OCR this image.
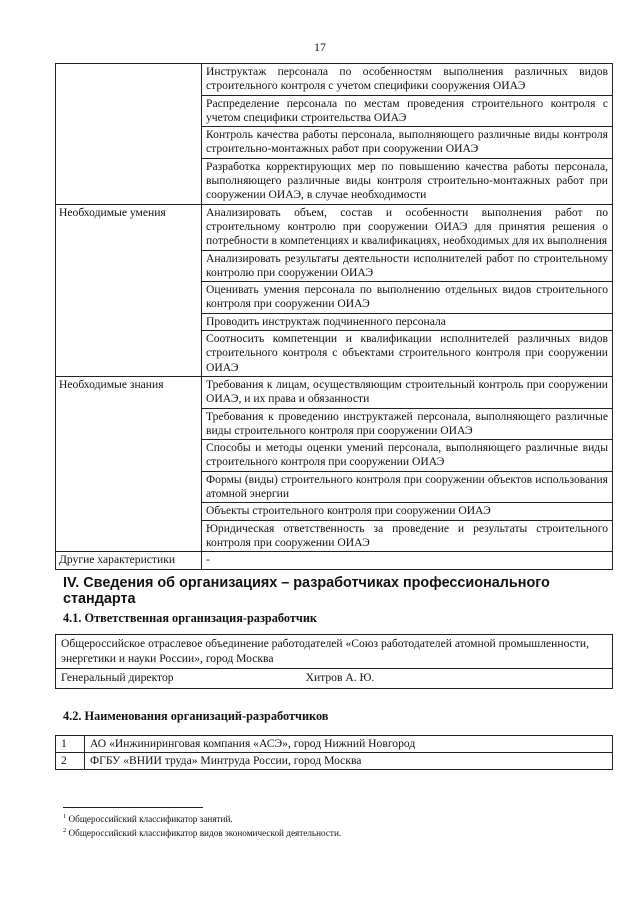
17
	Инструктаж персонала по особенностям выполнения различных видов строительного контроля с учетом специфики сооружения ОИАЭ
	Распределение персонала по местам проведения строительного контроля с учетом специфики строительства ОИАЭ
	Контроль качества работы персонала, выполняющего различные виды контроля строительно-монтажных работ при сооружении ОИАЭ
	Разработка корректирующих мер по повышению качества работы персонала, выполняющего различные виды контроля строительно-монтажных работ при сооружении ОИАЭ, в случае необходимости
Необходимые умения	Анализировать объем, состав и особенности выполнения работ по строительному контролю при сооружении ОИАЭ для принятия решения о потребности в компетенциях и квалификациях, необходимых для их выполнения
	Анализировать результаты деятельности исполнителей работ по строительному контролю при сооружении ОИАЭ
	Оценивать умения персонала по выполнению отдельных видов строительного контроля при сооружении ОИАЭ
	Проводить инструктаж подчиненного персонала
	Соотносить компетенции и квалификации исполнителей различных видов строительного контроля с объектами строительного контроля при сооружении ОИАЭ
Необходимые знания	Требования к лицам, осуществляющим строительный контроль при сооружении ОИАЭ, и их права и обязанности
	Требования к проведению инструктажей персонала, выполняющего различные виды строительного контроля при сооружении ОИАЭ
	Способы и методы оценки умений персонала, выполняющего различные виды строительного контроля при сооружении ОИАЭ
	Формы (виды) строительного контроля при сооружении объектов использования атомной энергии
	Объекты строительного контроля при сооружении ОИАЭ
	Юридическая ответственность за проведение и результаты строительного контроля при сооружении ОИАЭ
Другие характеристики	-
IV. Сведения об организациях – разработчиках профессионального стандарта
4.1. Ответственная организация-разработчик
Общероссийское отраслевое объединение работодателей «Союз работодателей атомной промышленности, энергетики и науки России», город Москва
Генеральный директор	Хитров А. Ю.
4.2. Наименования организаций-разработчиков
1	АО «Инжиниринговая компания «АСЭ», город Нижний Новгород
2	ФГБУ «ВНИИ труда» Минтруда России, город Москва
$^1$ Общероссийский классификатор занятий.
$^2$ Общероссийский классификатор видов экономической деятельности.
